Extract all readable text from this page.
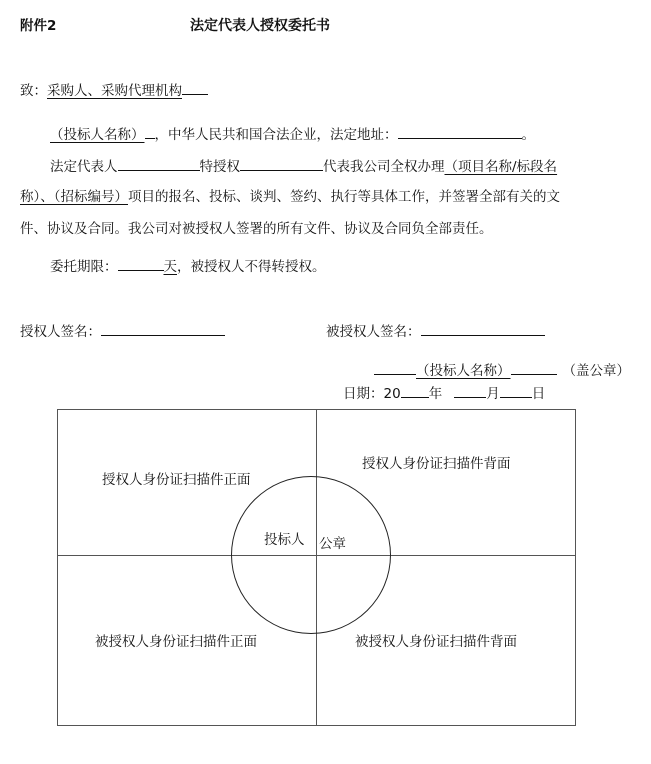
附件2	法定代表人授权委托书
致：采购人、采购代理机构
（投标人名称） ，中华人民共和国合法企业，法定地址：	。
法定代表人	特授权	代表我公司全权办理（项目名称/标段名
称）、（招标编号）项目的报名、投标、谈判、签约、执行等具体工作，并签署全部有关的文
件、协议及合同。我公司对被授权人签署的所有文件、协议及合同负全部责任。
委托期限：	天，被授权人不得转授权。
授权人签名：	被授权人签名：
（投标人名称）	（盖公章）
日期：20 年	月 日
授权人身份证扫描件正面
授权人身份证扫描件背面
被授权人身份证扫描件正面	被授权人身份证扫描件背面
投标人 公章
